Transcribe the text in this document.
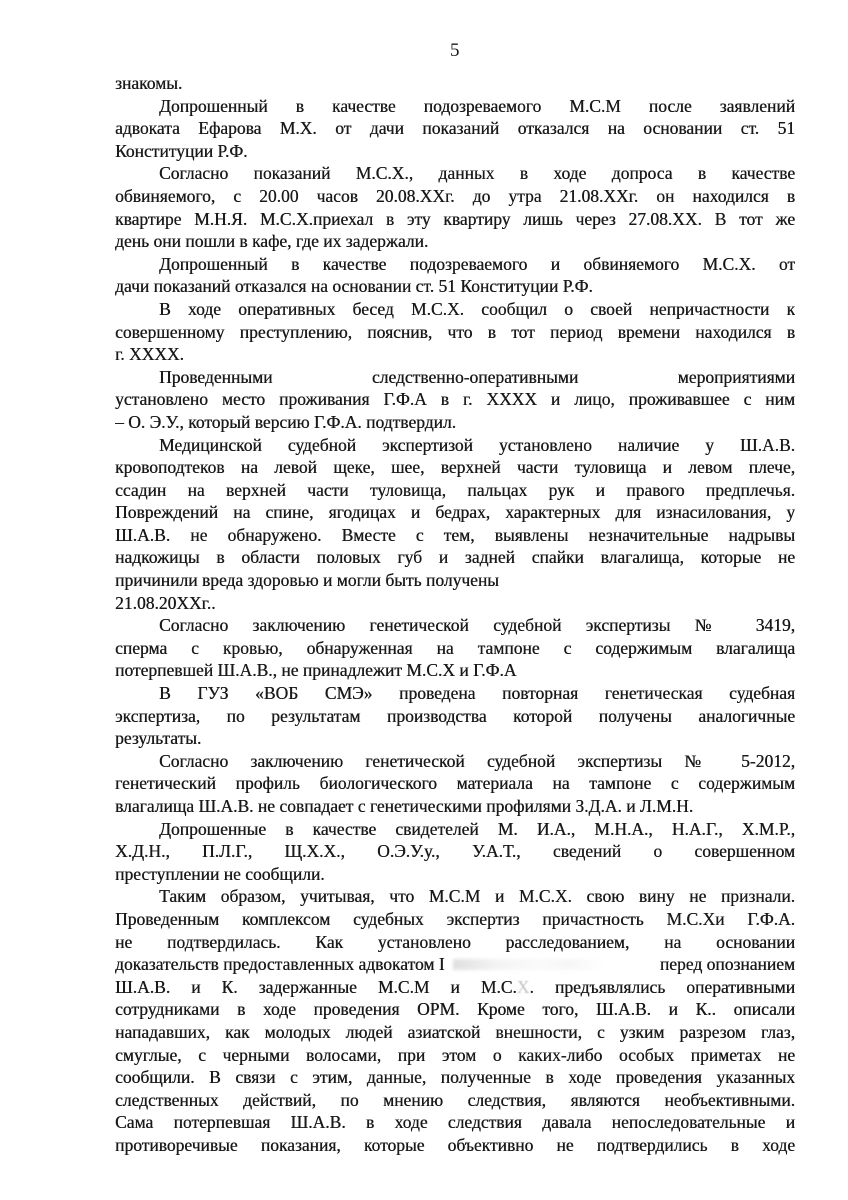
5
знакомы.
Допрошенный в качестве подозреваемого М.С.М после заявлений
адвоката Ефарова М.Х. от дачи показаний отказался на основании ст. 51
Конституции Р.Ф.
Согласно показаний М.С.Х., данных в ходе допроса в качестве
обвиняемого, с 20.00 часов 20.08.ХХг. до утра 21.08.ХХг. он находился в
квартире М.Н.Я. М.С.Х.приехал в эту квартиру лишь через 27.08.ХХ. В тот же
день они пошли в кафе, где их задержали.
Допрошенный в качестве подозреваемого и обвиняемого М.С.Х. от
дачи показаний отказался на основании ст. 51 Конституции Р.Ф.
В ходе оперативных бесед М.С.Х. сообщил о своей непричастности к
совершенному преступлению, пояснив, что в тот период времени находился в
г. ХХХХ.
Проведенными следственно-оперативными мероприятиями
установлено место проживания Г.Ф.А в г. ХХХХ и лицо, проживавшее с ним
– О. Э.У., который версию Г.Ф.А. подтвердил.
Медицинской судебной экспертизой установлено наличие у Ш.А.В.
кровоподтеков на левой щеке, шее, верхней части туловища и левом плече,
ссадин на верхней части туловища, пальцах рук и правого предплечья.
Повреждений на спине, ягодицах и бедрах, характерных для изнасилования, у
Ш.А.В. не обнаружено. Вместе с тем, выявлены незначительные надрывы
надкожицы в области половых губ и задней спайки влагалища, которые не
причинили вреда здоровью и могли быть получены
21.08.20ХХг..
Согласно заключению генетической судебной экспертизы № 3419,
сперма с кровью, обнаруженная на тампоне с содержимым влагалища
потерпевшей Ш.А.В., не принадлежит М.С.Х и Г.Ф.А
В ГУЗ «ВОБ СМЭ» проведена повторная генетическая судебная
экспертиза, по результатам производства которой получены аналогичные
результаты.
Согласно заключению генетической судебной экспертизы № 5-2012,
генетический профиль биологического материала на тампоне с содержимым
влагалища Ш.А.В. не совпадает с генетическими профилями З.Д.А. и Л.М.Н.
Допрошенные в качестве свидетелей М. И.А., М.Н.А., Н.А.Г., Х.М.Р.,
Х.Д.Н., П.Л.Г., Щ.Х.Х., О.Э.У.у., У.А.Т., сведений о совершенном
преступлении не сообщили.
Таким образом, учитывая, что М.С.М и М.С.Х. свою вину не признали.
Проведенным комплексом судебных экспертиз причастность М.С.Хи Г.Ф.А.
не подтвердилась. Как установлено расследованием, на основании
доказательств предоставленных адвокатом І	перед опознанием
Ш.А.В. и К. задержанные М.С.М и М.С.Х. предъявлялись оперативными
сотрудниками в ходе проведения ОРМ. Кроме того, Ш.А.В. и К.. описали
нападавших, как молодых людей азиатской внешности, с узким разрезом глаз,
смуглые, с черными волосами, при этом о каких-либо особых приметах не
сообщили. В связи с этим, данные, полученные в ходе проведения указанных
следственных действий, по мнению следствия, являются необъективными.
Сама потерпевшая Ш.А.В. в ходе следствия давала непоследовательные и
противоречивые показания, которые объективно не подтвердились в ходе
